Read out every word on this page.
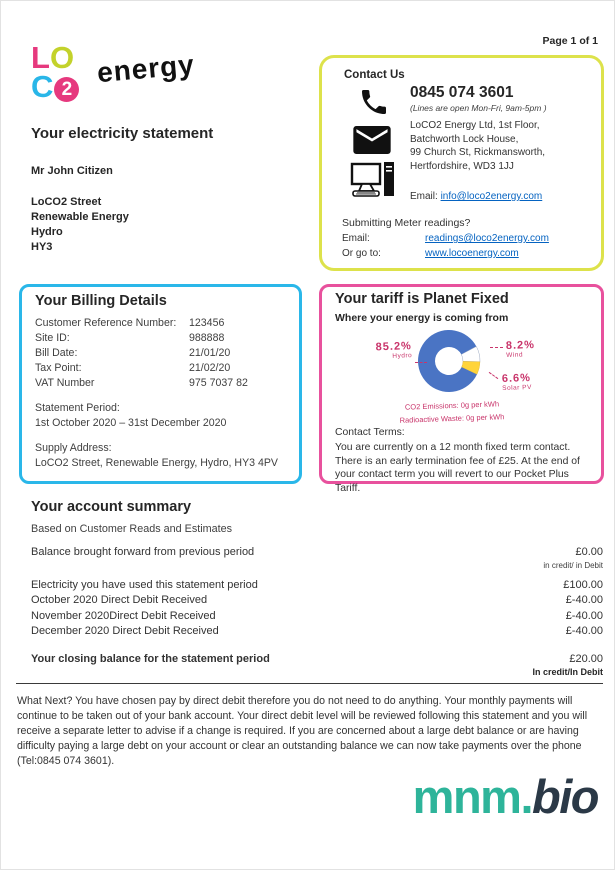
Page 1 of 1
LO
C 2
energy
Your electricity statement
Mr John Citizen
LoCO2 Street
Renewable Energy
Hydro
HY3
Contact Us
0845 074 3601
(Lines are open Mon-Fri, 9am-5pm )
LoCO2 Energy Ltd, 1st Floor,
Batchworth Lock House,
99 Church St, Rickmansworth,
Hertfordshire, WD3 1JJ
Email: info@loco2energy.com
Submitting Meter readings?
Email:	readings@loco2energy.com
Or go to:	www.locoenergy.com
Your Billing Details
Customer Reference Number: 123456
Site ID:	988888
Bill Date:	21/01/20
Tax Point:	21/02/20
VAT Number	975 7037 82
Statement Period:
1st October 2020 – 31st December 2020
Supply Address:
LoCO2 Street, Renewable Energy, Hydro, HY3 4PV
Your tariff is Planet Fixed
Where your energy is coming from
85.2%
Hydro
8.2%
Wind
6.6%
Solar PV
CO2 Emissions: 0g per kWh
Radioactive Waste: 0g per kWh
Contact Terms:
You are currently on a 12 month fixed term contact. There is an early termination fee of £25. At the end of your contact term you will revert to our Pocket Plus Tariff.
Your account summary
Based on Customer Reads and Estimates
Balance brought forward from previous period	£0.00
in credit/ in Debit
Electricity you have used this statement period	£100.00
October 2020 Direct Debit Received	£-40.00
November 2020Direct Debit Received	£-40.00
December 2020 Direct Debit Received	£-40.00
Your closing balance for the statement period	£20.00
In credit/In Debit
What Next? You have chosen pay by direct debit therefore you do not need to do anything. Your monthly payments will continue to be taken out of your bank account. Your direct debit level will be reviewed following this statement and you will receive a separate letter to advise if a change is required. If you are concerned about a large debt balance or are having difficulty paying a large debt on your account or clear an outstanding balance we can now take payments over the phone (Tel:0845 074 3601).
mnm.bio
